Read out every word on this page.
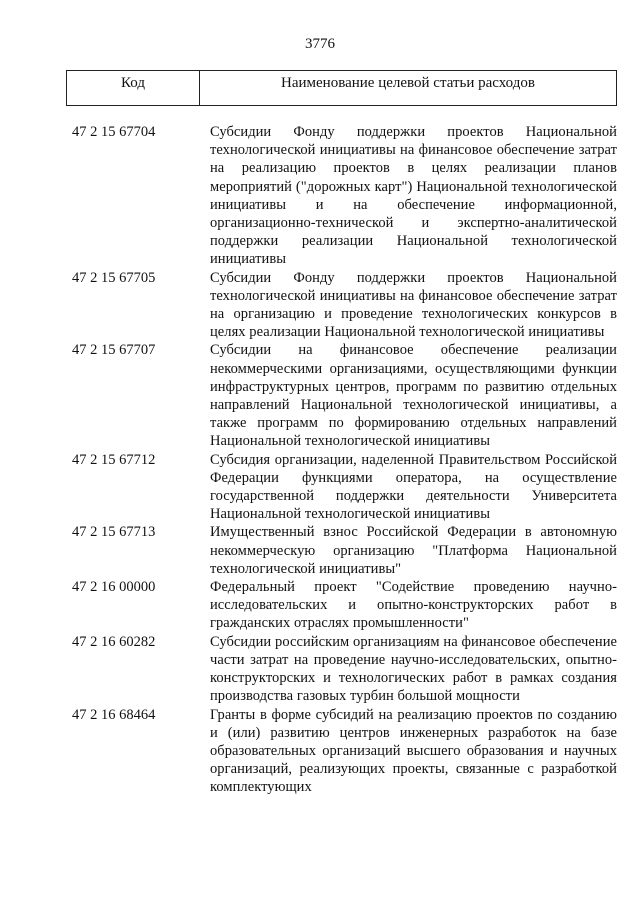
3776
Код	Наименование целевой статьи расходов
47 2 15 67704	Субсидии Фонду поддержки проектов Национальной технологической инициативы на финансовое обеспечение затрат на реализацию проектов в целях реализации планов мероприятий ("дорожных карт") Национальной технологической инициативы и на обеспечение информационной, организационно-технической и экспертно-аналитической поддержки реализации Национальной технологической инициативы
47 2 15 67705	Субсидии Фонду поддержки проектов Национальной технологической инициативы на финансовое обеспечение затрат на организацию и проведение технологических конкурсов в целях реализации Национальной технологической инициативы
47 2 15 67707	Субсидии на финансовое обеспечение реализации некоммерческими организациями, осуществляющими функции инфраструктурных центров, программ по развитию отдельных направлений Национальной технологической инициативы, а также программ по формированию отдельных направлений Национальной технологической инициативы
47 2 15 67712	Субсидия организации, наделенной Правительством Российской Федерации функциями оператора, на осуществление государственной поддержки деятельности Университета Национальной технологической инициативы
47 2 15 67713	Имущественный взнос Российской Федерации в автономную некоммерческую организацию "Платформа Национальной технологической инициативы"
47 2 16 00000	Федеральный проект "Содействие проведению научно-исследовательских и опытно-конструкторских работ в гражданских отраслях промышленности"
47 2 16 60282	Субсидии российским организациям на финансовое обеспечение части затрат на проведение научно-исследовательских, опытно-конструкторских и технологических работ в рамках создания производства газовых турбин большой мощности
47 2 16 68464	Гранты в форме субсидий на реализацию проектов по созданию и (или) развитию центров инженерных разработок на базе образовательных организаций высшего образования и научных организаций, реализующих проекты, связанные с разработкой комплектующих
